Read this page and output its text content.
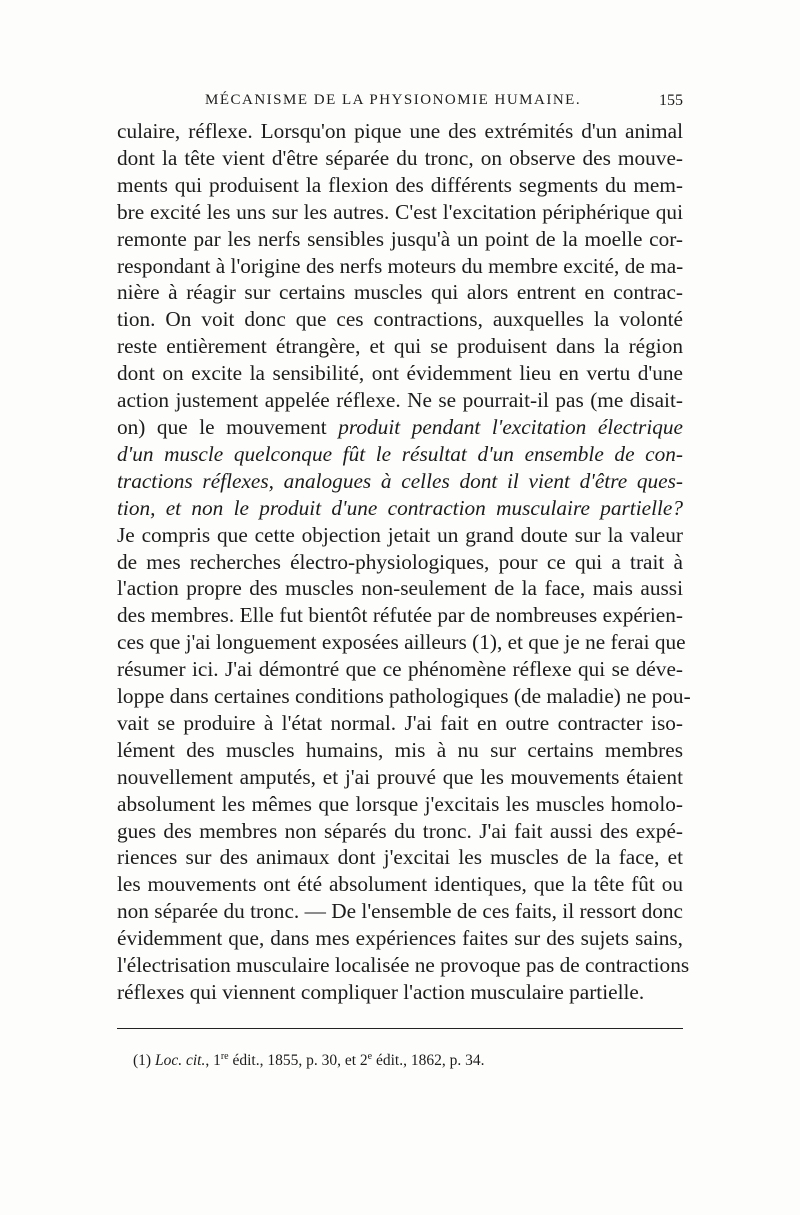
MÉCANISME DE LA PHYSIONOMIE HUMAINE.	155
culaire, réflexe. Lorsqu'on pique une des extrémités d'un animal
dont la tête vient d'être séparée du tronc, on observe des mouve-
ments qui produisent la flexion des différents segments du mem-
bre excité les uns sur les autres. C'est l'excitation périphérique qui
remonte par les nerfs sensibles jusqu'à un point de la moelle cor-
respondant à l'origine des nerfs moteurs du membre excité, de ma-
nière à réagir sur certains muscles qui alors entrent en contrac-
tion. On voit donc que ces contractions, auxquelles la volonté
reste entièrement étrangère, et qui se produisent dans la région
dont on excite la sensibilité, ont évidemment lieu en vertu d'une
action justement appelée réflexe. Ne se pourrait-il pas (me disait-
on) que le mouvement produit pendant l'excitation électrique
d'un muscle quelconque fût le résultat d'un ensemble de con-
tractions réflexes, analogues à celles dont il vient d'être ques-
tion, et non le produit d'une contraction musculaire partielle?
Je compris que cette objection jetait un grand doute sur la valeur
de mes recherches électro-physiologiques, pour ce qui a trait à
l'action propre des muscles non-seulement de la face, mais aussi
des membres. Elle fut bientôt réfutée par de nombreuses expérien-
ces que j'ai longuement exposées ailleurs (1), et que je ne ferai que
résumer ici. J'ai démontré que ce phénomène réflexe qui se déve-
loppe dans certaines conditions pathologiques (de maladie) ne pou-
vait se produire à l'état normal. J'ai fait en outre contracter iso-
lément des muscles humains, mis à nu sur certains membres
nouvellement amputés, et j'ai prouvé que les mouvements étaient
absolument les mêmes que lorsque j'excitais les muscles homolo-
gues des membres non séparés du tronc. J'ai fait aussi des expé-
riences sur des animaux dont j'excitai les muscles de la face, et
les mouvements ont été absolument identiques, que la tête fût ou
non séparée du tronc. — De l'ensemble de ces faits, il ressort donc
évidemment que, dans mes expériences faites sur des sujets sains,
l'électrisation musculaire localisée ne provoque pas de contractions
réflexes qui viennent compliquer l'action musculaire partielle.
(1) Loc. cit., 1re édit., 1855, p. 30, et 2e édit., 1862, p. 34.
